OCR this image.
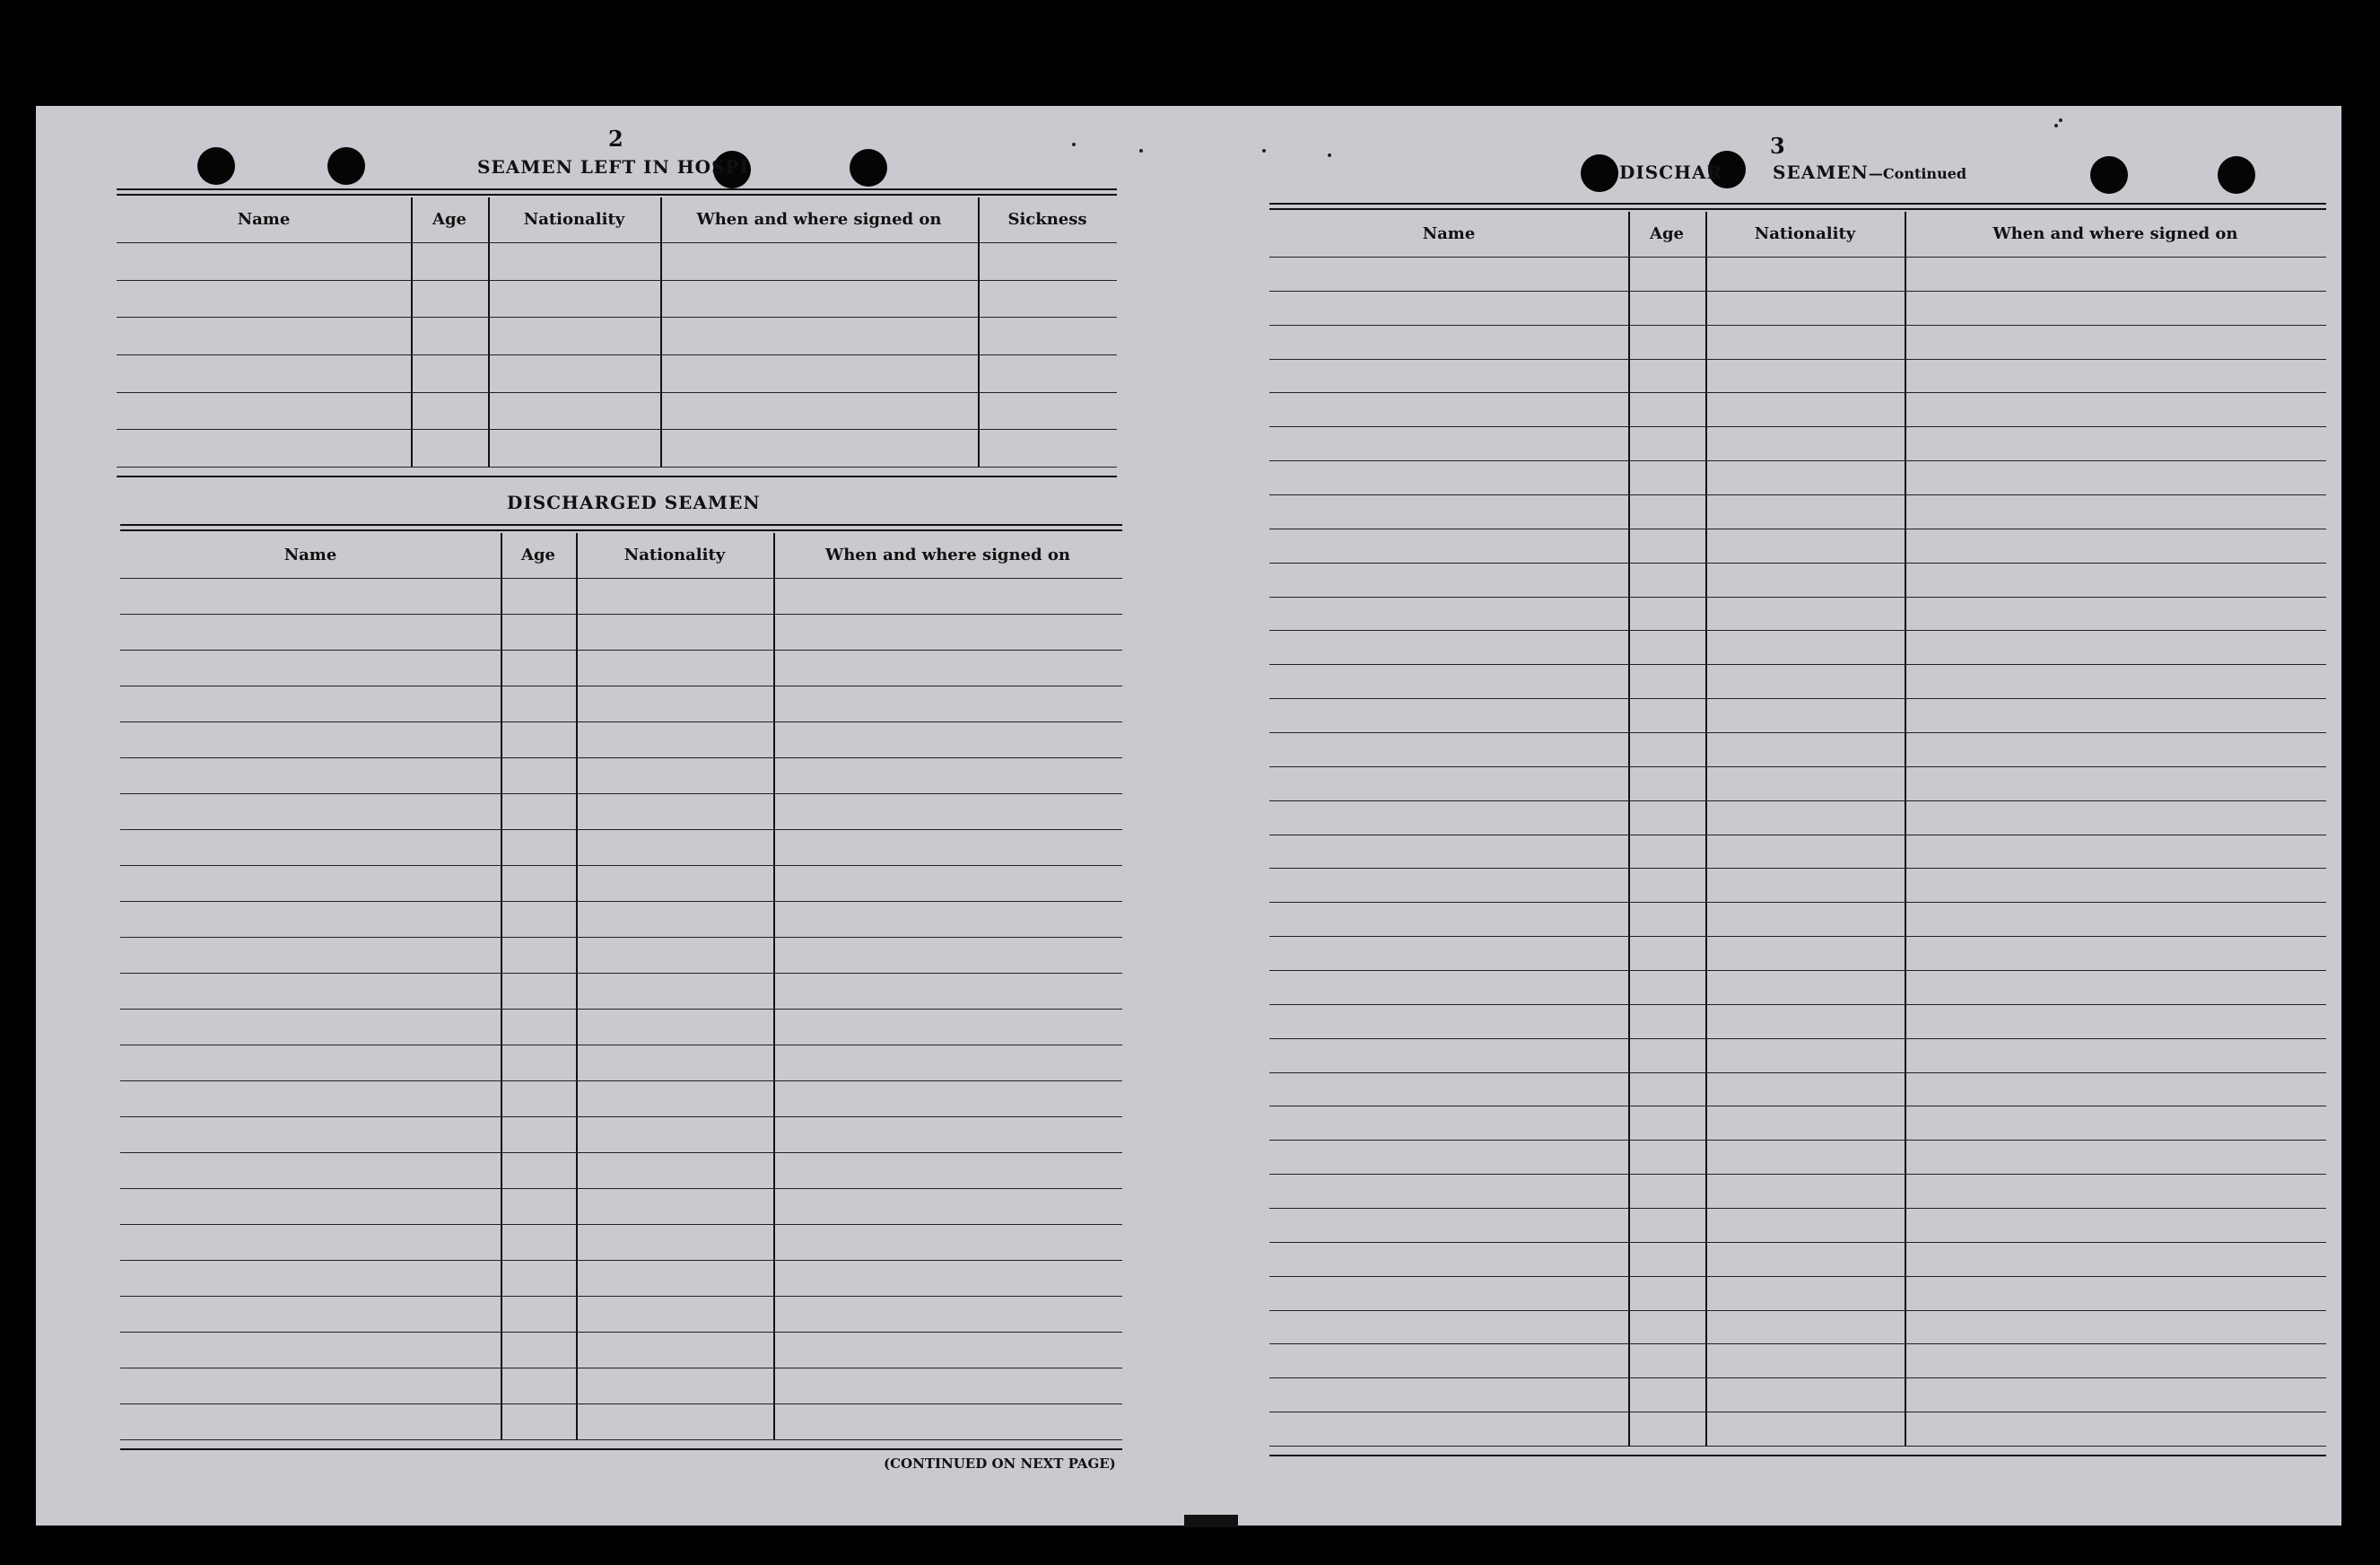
2
SEAMEN LEFT IN HOSPI
Name	Age	Nationality	When and where signed on	Sickness
DISCHARGED SEAMEN
Name	Age	Nationality	When and where signed on
(CONTINUED ON NEXT PAGE)
3
DISCHAR	SEAMEN—Continued
Name	Age	Nationality	When and where signed on
